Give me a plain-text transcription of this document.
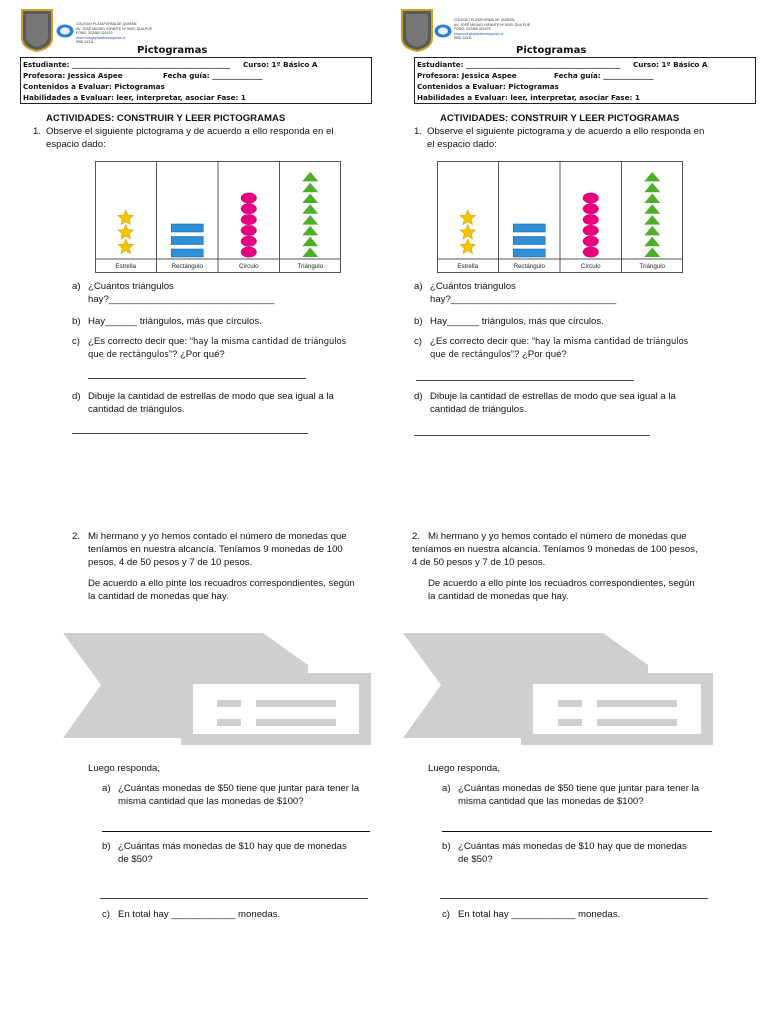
COLEGIO PLATAFORMA DE QUIRÁN
AV. JOSÉ MIGUEL INFANTE Nº 5000, QUILPUÉ
FONO: 322460 321979
www.colegioplataformaquiran.cl
RBD 14311
Pictogramas
Estudiante: ____________________________________________ Curso: 1º Básico A
Profesora: Jessica Aspee	Fecha guía: ______________
Contenidos a Evaluar: Pictogramas
Habilidades a Evaluar: leer, interpretar, asociar Fase: 1
ACTIVIDADES: CONSTRUIR Y LEER PICTOGRAMAS
1. Observe el siguiente pictograma y de acuerdo a ello responda en el espacio dado:
Estrella	Rectángulo	Círculo	Triángulo
a) ¿Cuántos triángulos
hay?_______________________________
b) Hay______ triángulos, más que círculos.
c) ¿Es correcto decir que: “hay la misma cantidad de triángulos
que de rectángulos”? ¿Por qué?
d) Dibuje la cantidad de estrellas de modo que sea igual a la
cantidad de triángulos.
2. Mi hermano y yo hemos contado el número de monedas que
teníamos en nuestra alcancía. Teníamos 9 monedas de 100
pesos, 4 de 50 pesos y 7 de 10 pesos.
De acuerdo a ello pinte los recuadros correspondientes, según
la cantidad de monedas que hay.
Luego responda,
a) ¿Cuántas monedas de $50 tiene que juntar para tener la
misma cantidad que las monedas de $100?
b) ¿Cuántas más monedas de $10 hay que de monedas
de $50?
c) En total hay ____________ monedas.
COLEGIO PLATAFORMA DE QUIRÁN
AV. JOSÉ MIGUEL INFANTE Nº 5000, QUILPUÉ
FONO: 322460 321979
www.colegioplataformaquiran.cl
RBD 14311
Pictogramas
Estudiante: ___________________________________________ Curso: 1º Básico A
Profesora: Jessica Aspee	Fecha guía: ______________
Contenidos a Evaluar: Pictogramas
Habilidades a Evaluar: leer, interpretar, asociar Fase: 1
ACTIVIDADES: CONSTRUIR Y LEER PICTOGRAMAS
1. Observe el siguiente pictograma y de acuerdo a ello responda en el espacio dado:
Estrella	Rectángulo	Círculo	Triángulo
a) ¿Cuántos triángulos
hay?_______________________________
b) Hay______ triángulos, más que círculos.
c) ¿Es correcto decir que: “hay la misma cantidad de triángulos
que de rectángulos”? ¿Por qué?
d) Dibuje la cantidad de estrellas de modo que sea igual a la
cantidad de triángulos.
2. Mi hermano y yo hemos contado el número de monedas que
teníamos en nuestra alcancía. Teníamos 9 monedas de 100 pesos,
4 de 50 pesos y 7 de 10 pesos.
De acuerdo a ello pinte los recuadros correspondientes, según
la cantidad de monedas que hay.
Luego responda,
a) ¿Cuántas monedas de $50 tiene que juntar para tener la
misma cantidad que las monedas de $100?
b) ¿Cuántas más monedas de $10 hay que de monedas
de $50?
c) En total hay ____________ monedas.
